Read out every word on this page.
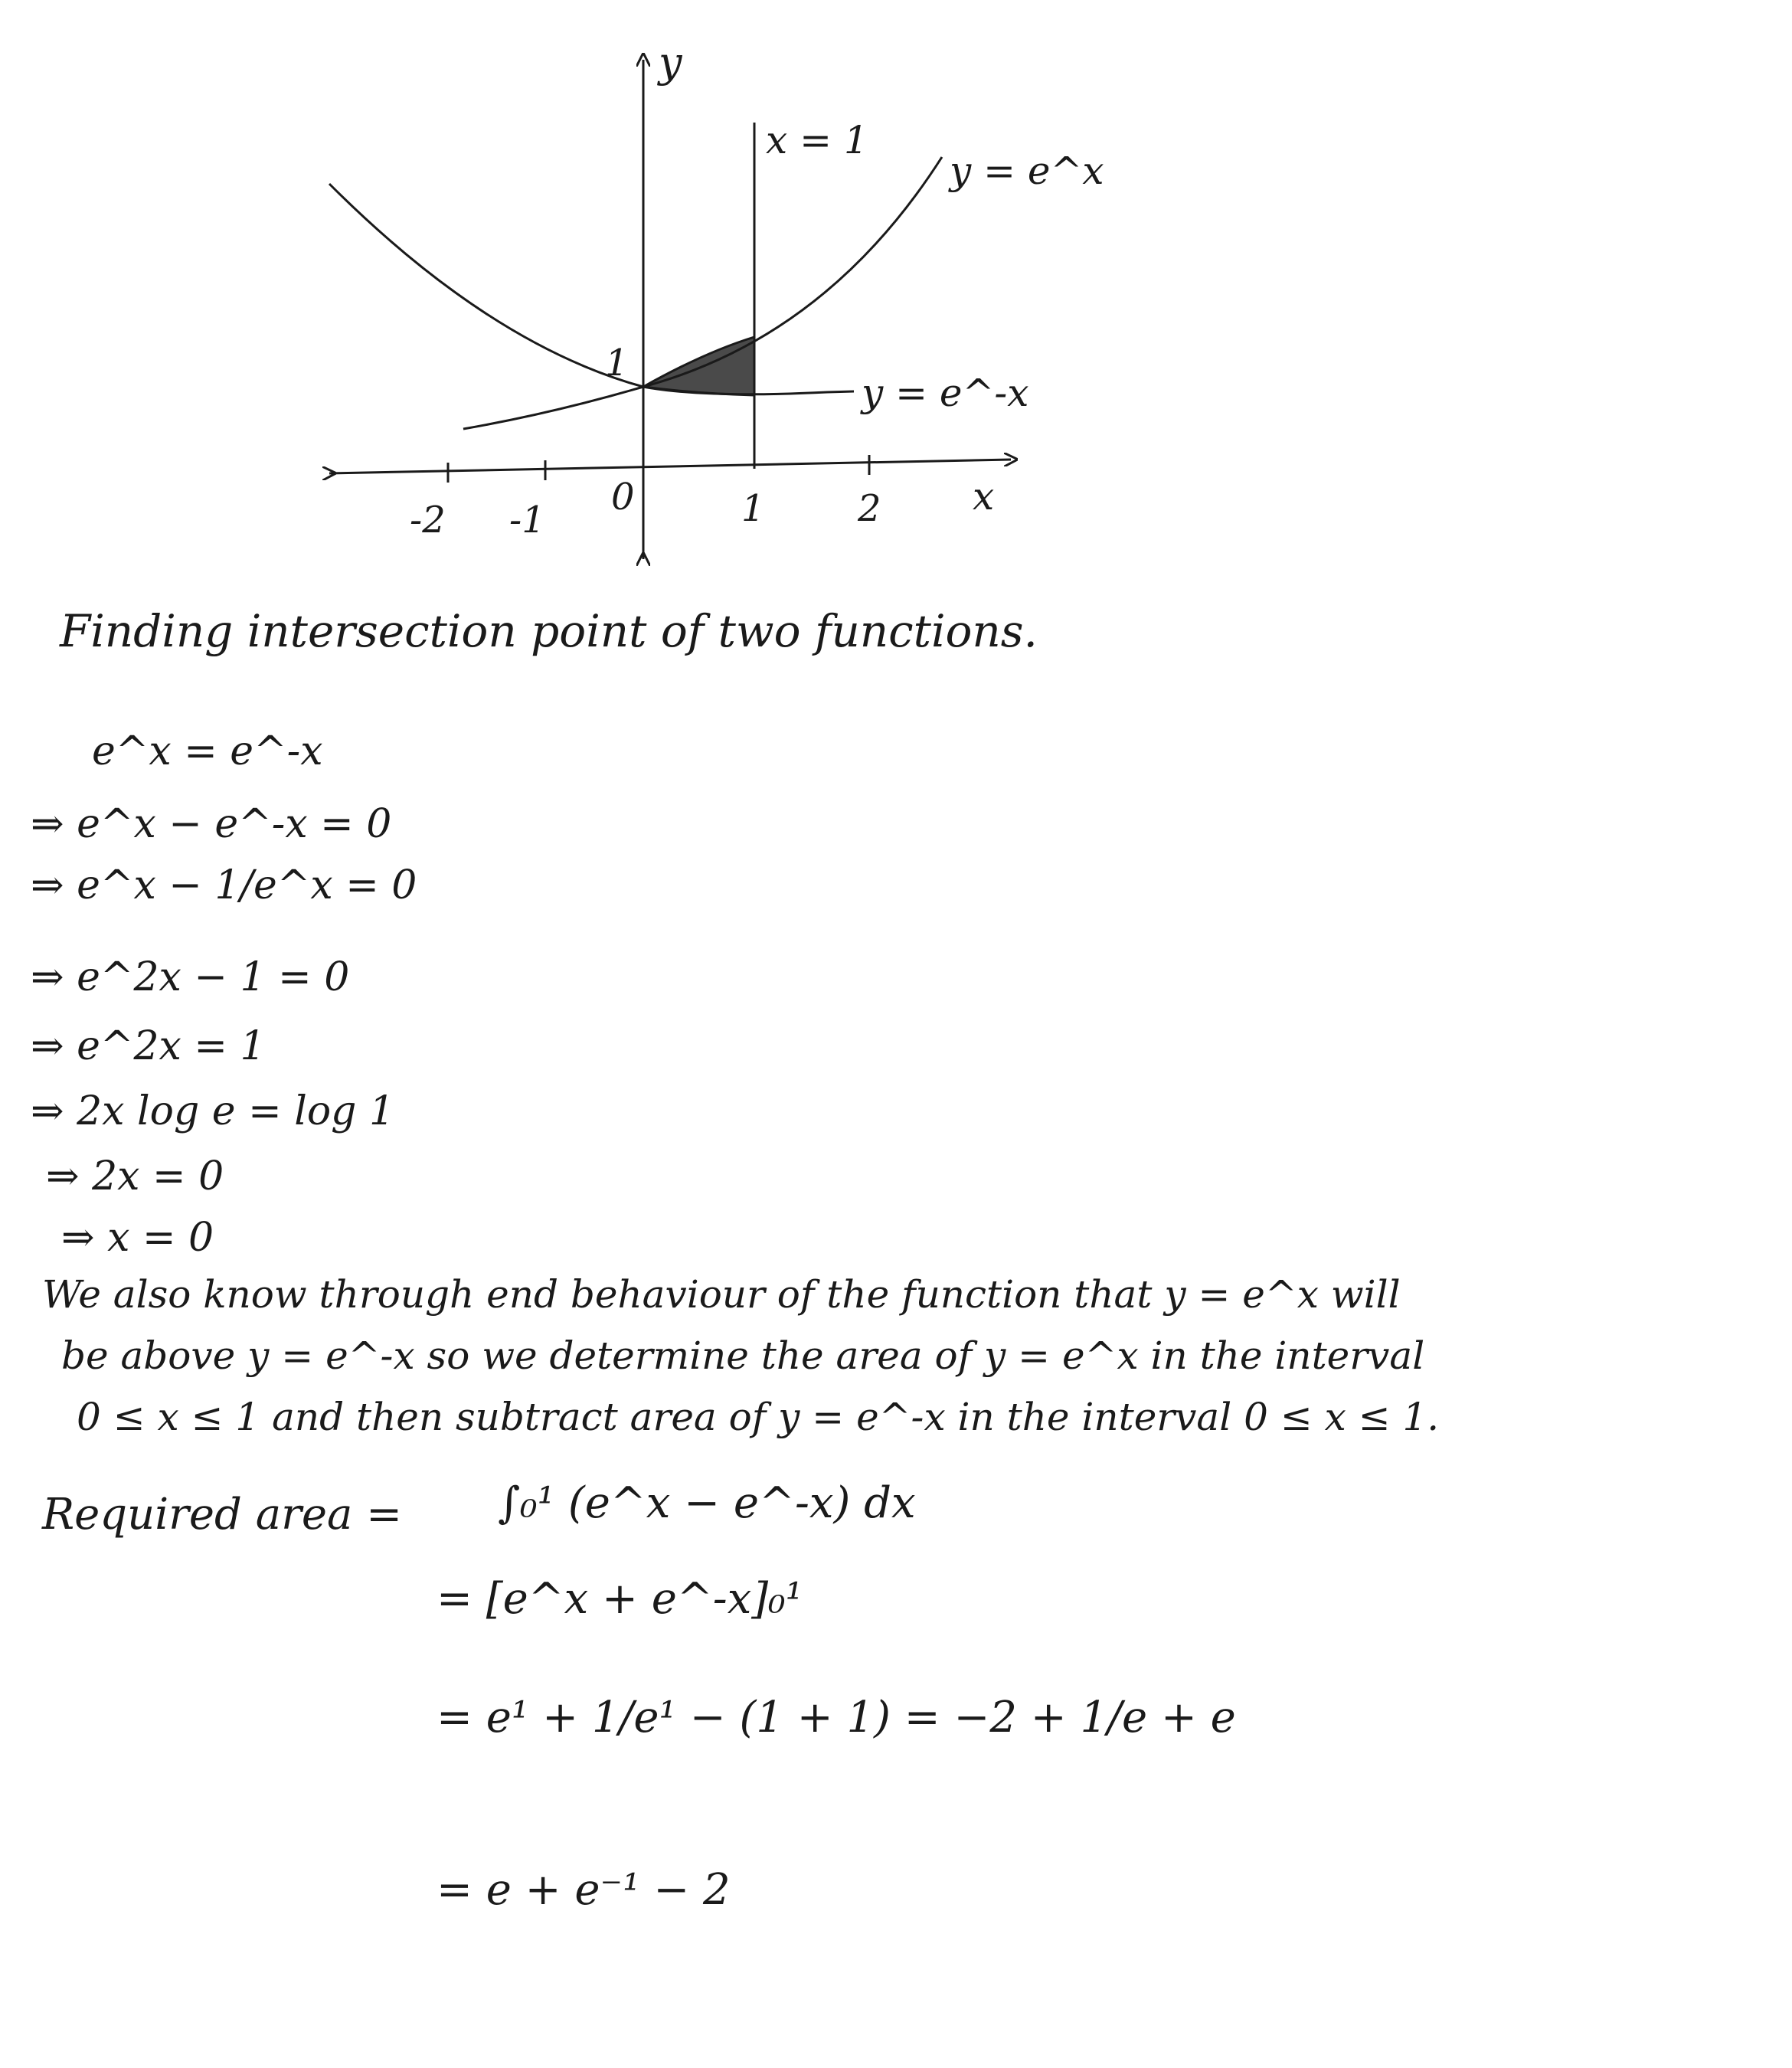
y
x = 1
y = e^x
y = e^-x
1
0
-2 -1	1	2 x

Finding intersection point of two functions.

e^x = e^-x

⇒ e^x − e^-x = 0

⇒ e^x − 1/e^x = 0

⇒ e^2x − 1 = 0

⇒ e^2x = 1

⇒ 2x log e = log 1

⇒ 2x = 0

⇒ x = 0

We also know through end behaviour of the function that y = e^x will

be above y = e^-x so we determine the area of y = e^x in the interval

0 ≤ x ≤ 1 and then subtract area of y = e^-x in the interval 0 ≤ x ≤ 1.

Required area = ∫₀¹ (e^x − e^-x) dx

= [e^x + e^-x]₀¹

= e¹ + 1/e¹ − (1 + 1) = −2 + 1/e + e

= e + e⁻¹ − 2
